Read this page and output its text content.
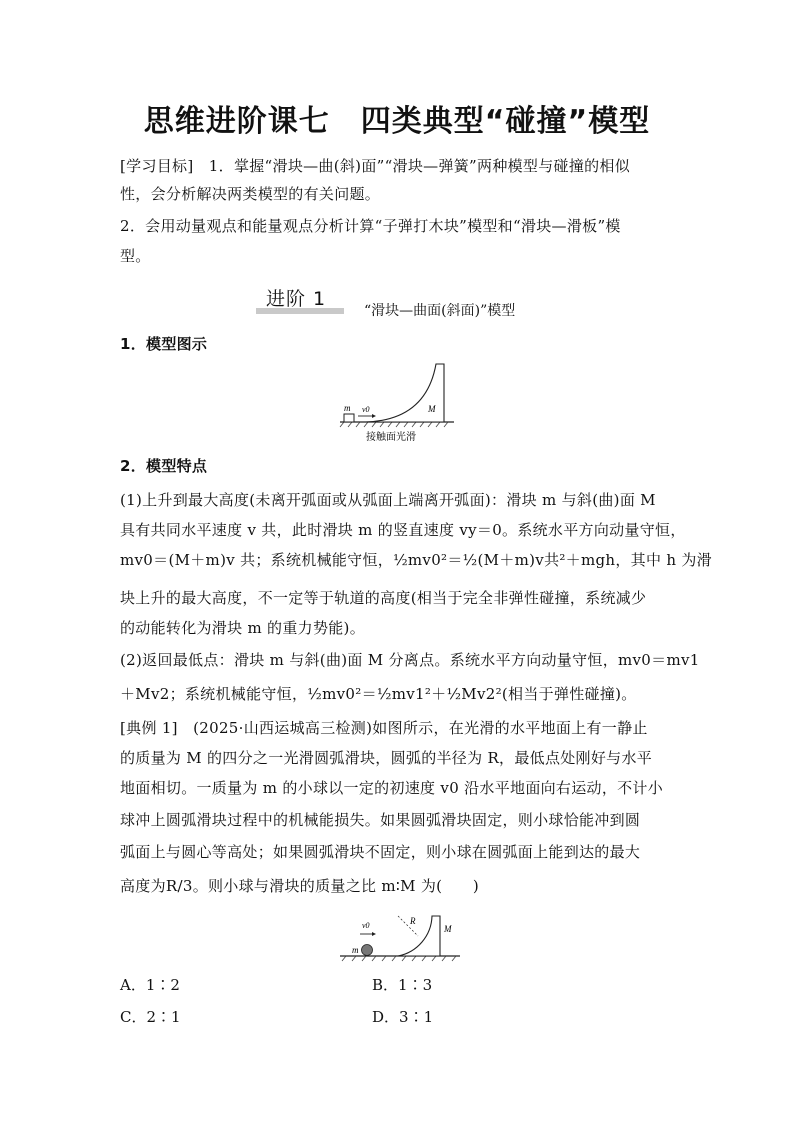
思维进阶课七　四类典型“碰撞”模型
[学习目标]　1．掌握“滑块—曲(斜)面”“滑块—弹簧”两种模型与碰撞的相似
性，会分析解决两类模型的有关问题。
2．会用动量观点和能量观点分析计算“子弹打木块”模型和“滑块—滑板”模
型。
进阶 1
“滑块—曲面(斜面)”模型
1．模型图示
m v0	M
接触面光滑
2．模型特点
(1)上升到最大高度(未离开弧面或从弧面上端离开弧面)：滑块 m 与斜(曲)面 M
具有共同水平速度 v 共，此时滑块 m 的竖直速度 vy＝0。系统水平方向动量守恒，
mv0＝(M＋m)v 共；系统机械能守恒，½mv0²＝½(M＋m)v共²＋mgh，其中 h 为滑
块上升的最大高度，不一定等于轨道的高度(相当于完全非弹性碰撞，系统减少
的动能转化为滑块 m 的重力势能)。
(2)返回最低点：滑块 m 与斜(曲)面 M 分离点。系统水平方向动量守恒，mv0＝mv1
＋Mv2；系统机械能守恒，½mv0²＝½mv1²＋½Mv2²(相当于弹性碰撞)。
[典例 1]　(2025·山西运城高三检测)如图所示，在光滑的水平地面上有一静止
的质量为 M 的四分之一光滑圆弧滑块，圆弧的半径为 R，最低点处刚好与水平
地面相切。一质量为 m 的小球以一定的初速度 v0 沿水平地面向右运动，不计小
球冲上圆弧滑块过程中的机械能损失。如果圆弧滑块固定，则小球恰能冲到圆
弧面上与圆心等高处；如果圆弧滑块不固定，则小球在圆弧面上能到达的最大
高度为R/3。则小球与滑块的质量之比 m∶M 为(　　)
v0
m
R
M
A．1∶2	B．1∶3
C．2∶1	D．3∶1
